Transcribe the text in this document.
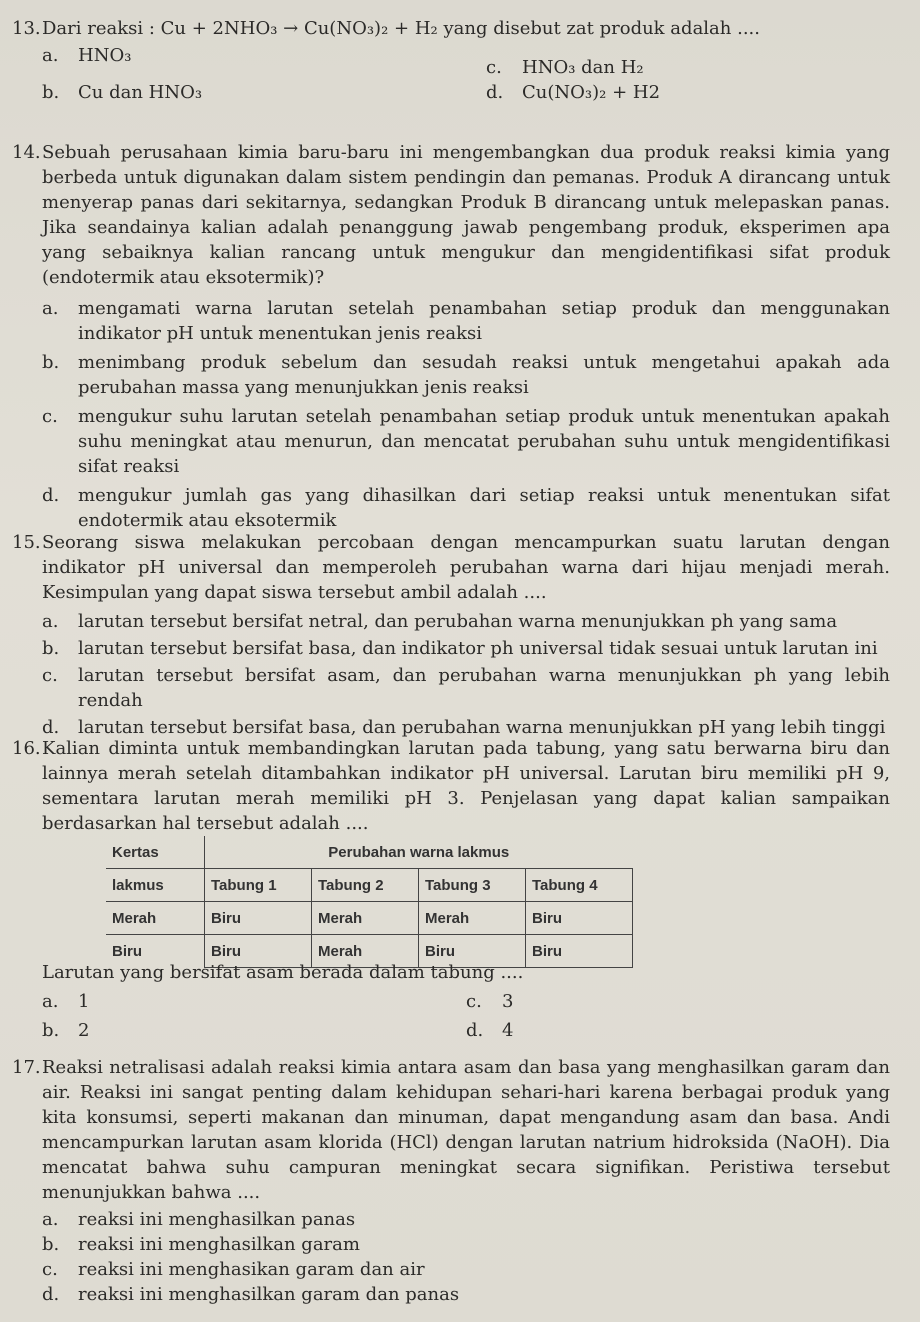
13. Dari reaksi : Cu + 2NHO₃ → Cu(NO₃)₂ + H₂ yang disebut zat produk adalah ....
a. HNO₃
b. Cu dan HNO₃
c. HNO₃ dan H₂
d. Cu(NO₃)₂ + H2
14. Sebuah perusahaan kimia baru-baru ini mengembangkan dua produk reaksi kimia yang berbeda untuk digunakan dalam sistem pendingin dan pemanas. Produk A dirancang untuk menyerap panas dari sekitarnya, sedangkan Produk B dirancang untuk melepaskan panas. Jika seandainya kalian adalah penanggung jawab pengembang produk, eksperimen apa yang sebaiknya kalian rancang untuk mengukur dan mengidentifikasi sifat produk (endotermik atau eksotermik)?
a. mengamati warna larutan setelah penambahan setiap produk dan menggunakan indikator pH untuk menentukan jenis reaksi
b. menimbang produk sebelum dan sesudah reaksi untuk mengetahui apakah ada perubahan massa yang menunjukkan jenis reaksi
c. mengukur suhu larutan setelah penambahan setiap produk untuk menentukan apakah suhu meningkat atau menurun, dan mencatat perubahan suhu untuk mengidentifikasi sifat reaksi
d. mengukur jumlah gas yang dihasilkan dari setiap reaksi untuk menentukan sifat endotermik atau eksotermik
15. Seorang siswa melakukan percobaan dengan mencampurkan suatu larutan dengan indikator pH universal dan memperoleh perubahan warna dari hijau menjadi merah. Kesimpulan yang dapat siswa tersebut ambil adalah ....
a. larutan tersebut bersifat netral, dan perubahan warna menunjukkan ph yang sama
b. larutan tersebut bersifat basa, dan indikator ph universal tidak sesuai untuk larutan ini
c. larutan tersebut bersifat asam, dan perubahan warna menunjukkan ph yang lebih rendah
d. larutan tersebut bersifat basa, dan perubahan warna menunjukkan pH yang lebih tinggi
16. Kalian diminta untuk membandingkan larutan pada tabung, yang satu berwarna biru dan lainnya merah setelah ditambahkan indikator pH universal. Larutan biru memiliki pH 9, sementara larutan merah memiliki pH 3. Penjelasan yang dapat kalian sampaikan berdasarkan hal tersebut adalah ....
Kertas	Perubahan warna lakmus			
lakmus	Tabung 1	Tabung 2	Tabung 3	Tabung 4
Merah	Biru	Merah	Merah	Biru
Biru	Biru	Merah	Biru	Biru
Larutan yang bersifat asam berada dalam tabung ....
a. 1
b. 2
c. 3
d. 4
17. Reaksi netralisasi adalah reaksi kimia antara asam dan basa yang menghasilkan garam dan air. Reaksi ini sangat penting dalam kehidupan sehari-hari karena berbagai produk yang kita konsumsi, seperti makanan dan minuman, dapat mengandung asam dan basa. Andi mencampurkan larutan asam klorida (HCl) dengan larutan natrium hidroksida (NaOH). Dia mencatat bahwa suhu campuran meningkat secara signifikan. Peristiwa tersebut menunjukkan bahwa ....
a. reaksi ini menghasilkan panas
b. reaksi ini menghasilkan garam
c. reaksi ini menghasikan garam dan air
d. reaksi ini menghasilkan garam dan panas
